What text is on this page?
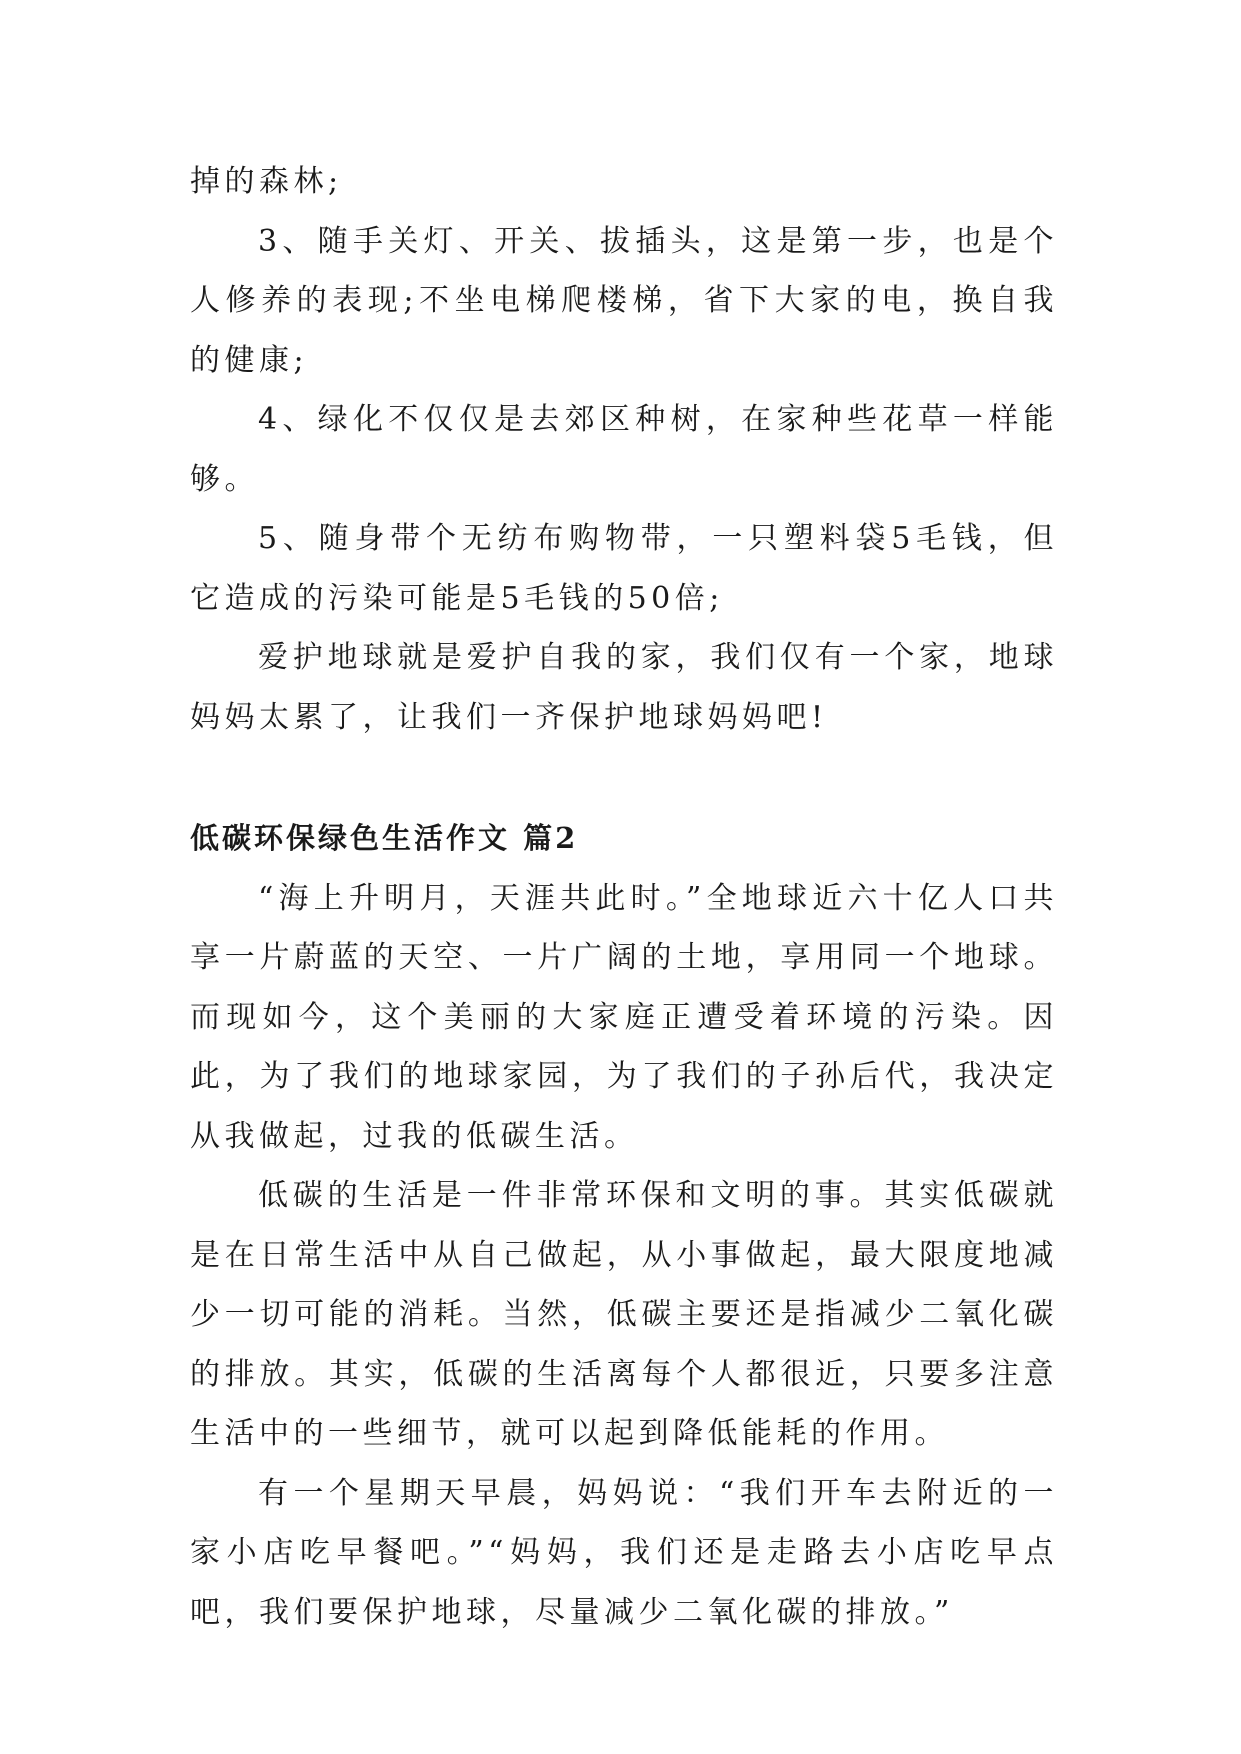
掉的森林;

3、随手关灯、开关、拔插头，这是第一步，也是个人修养的表现;不坐电梯爬楼梯，省下大家的电，换自我的健康;

4、绿化不仅仅是去郊区种树，在家种些花草一样能够。

5、随身带个无纺布购物带，一只塑料袋5毛钱，但它造成的污染可能是5毛钱的50倍;

爱护地球就是爱护自我的家，我们仅有一个家，地球妈妈太累了，让我们一齐保护地球妈妈吧!

低碳环保绿色生活作文 篇2

“海上升明月，天涯共此时。”全地球近六十亿人口共享一片蔚蓝的天空、一片广阔的土地，享用同一个地球。而现如今，这个美丽的大家庭正遭受着环境的污染。因此，为了我们的地球家园，为了我们的子孙后代，我决定从我做起，过我的低碳生活。

低碳的生活是一件非常环保和文明的事。其实低碳就是在日常生活中从自己做起，从小事做起，最大限度地减少一切可能的消耗。当然，低碳主要还是指减少二氧化碳的排放。其实，低碳的生活离每个人都很近，只要多注意生活中的一些细节，就可以起到降低能耗的作用。

有一个星期天早晨，妈妈说：“我们开车去附近的一家小店吃早餐吧。”“妈妈，我们还是走路去小店吃早点吧，我们要保护地球，尽量减少二氧化碳的排放。”
